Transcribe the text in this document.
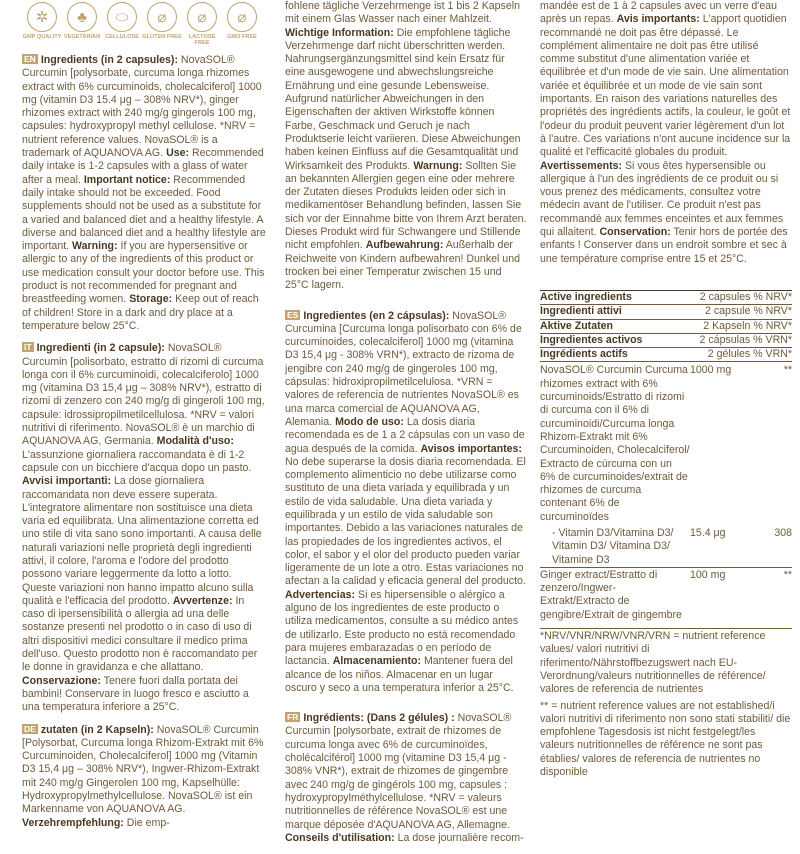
✲
GMP QUALITY
♣
VEGETARIAN
⬭
CELLULOSE
⌀
GLUTEN FREE
⌀
LACTOSE FREE
⌀
GMO FREE

EN Ingredients (in 2 capsules): NovaSOL® Curcumin [polysorbate, curcuma longa rhizomes extract with 6% curcuminoids, cholecalciferol] 1000 mg (vitamin D3 15.4 μg – 308% NRV*), ginger rhizomes extract with 240 mg/g gingerols 100 mg, capsules: hydroxypropyl methyl cellulose. *NRV = nutrient reference values. NovaSOL® is a trademark of AQUANOVA AG. Use: Recommended daily intake is 1-2 capsules with a glass of water after a meal. Important notice: Recommended daily intake should not be exceeded. Food supplements should not be used as a substitute for a varied and balanced diet and a healthy lifestyle. A diverse and balanced diet and a healthy lifestyle are important. Warning: If you are hypersensitive or allergic to any of the ingredients of this product or use medication consult your doctor before use. This product is not recommended for pregnant and breastfeeding women. Storage: Keep out of reach of children! Store in a dark and dry place at a temperature below 25°C.

IT Ingredienti (in 2 capsule): NovaSOL® Curcumin [polisorbato, estratto di rizomi di curcuma longa con il 6% curcuminoidi, colecalciferolo] 1000 mg (vitamina D3 15,4 μg – 308% NRV*), estratto di rizomi di zenzero con 240 mg/g di gingeroli 100 mg, capsule: idrossipropilmetilcellulosa. *NRV = valori nutritivi di riferimento. NovaSOL® è un marchio di AQUANOVA AG, Germania. Modalità d'uso: L'assunzione giornaliera raccomandata è di 1-2 capsule con un bicchiere d'acqua dopo un pasto. Avvisi importanti: La dose giornaliera raccomandata non deve essere superata. L'integratore alimentare non sostituisce una dieta varia ed equilibrata. Una alimentazione corretta ed uno stile di vita sano sono importanti. A causa delle naturali variazioni nelle proprietà degli ingredienti attivi, il colore, l'aroma e l'odore del prodotto possono variare leggermente da lotto a lotto. Queste variazioni non hanno impatto alcuno sulla qualità e l'efficacia del prodotto. Avvertenze: In caso di ipersensibilità o allergia ad una delle sostanze presenti nel prodotto o in caso di uso di altri dispositivi medici consultare il medico prima dell'uso. Questo prodotto non è raccomandato per le donne in gravidanza e che allattano. Conservazione: Tenere fuori dalla portata dei bambini! Conservare in luogo fresco e asciutto a una temperatura inferiore a 25°C.

DE zutaten (in 2 Kapseln): NovaSOL® Curcumin [Polysorbat, Curcuma longa Rhizom-Extrakt mit 6% Curcuminoiden, Cholecalciferol] 1000 mg (Vitamin D3 15,4 μg – 308% NRV*), Ingwer-Rhizom-Extrakt mit 240 mg/g Gingerolen 100 mg, Kapselhülle: Hydroxypropylmethylcellulose. NovaSOL® ist ein Markenname von AQUANOVA AG. Verzehrempfehlung: Die emp-

fohlene tägliche Verzehrmenge ist 1 bis 2 Kapseln mit einem Glas Wasser nach einer Mahlzeit. Wichtige Information: Die empfohlene tägliche Verzehrmenge darf nicht überschritten werden. Nahrungsergänzungsmittel sind kein Ersatz für eine ausgewogene und abwechslungsreiche Ernährung und eine gesunde Lebensweise. Aufgrund natürlicher Abweichungen in den Eigenschaften der aktiven Wirkstoffe können Farbe, Geschmack und Geruch je nach Produktserie leicht variieren. Diese Abweichungen haben keinen Einfluss auf die Gesamtqualität und Wirksamkeit des Produkts. Warnung: Sollten Sie an bekannten Allergien gegen eine oder mehrere der Zutaten dieses Produkts leiden oder sich in medikamentöser Behandlung befinden, lassen Sie sich vor der Einnahme bitte von Ihrem Arzt beraten. Dieses Produkt wird für Schwangere und Stillende nicht empfohlen. Aufbewahrung: Außerhalb der Reichweite von Kindern aufbewahren! Dunkel und trocken bei einer Temperatur zwischen 15 und 25°C lagern.

ES Ingredientes (en 2 cápsulas): NovaSOL® Curcumina [Curcuma longa polisorbato con 6% de curcuminoides, colecalciferol] 1000 mg (vitamina D3 15,4 μg - 308% VRN*), extracto de rizoma de jengibre con 240 mg/g de gingeroles 100 mg, cápsulas: hidroxipropilmetilcelulosa. *VRN = valores de referencia de nutrientes NovaSOL® es una marca comercial de AQUANOVA AG, Alemania. Modo de uso: La dosis diaria recomendada es de 1 a 2 cápsulas con un vaso de agua después de la comida. Avisos importantes: No debe superarse la dosis diaria recomendada. El complemento alimenticio no debe utilizarse como sustituto de una dieta variada y equilibrada y un estilo de vida saludable. Una dieta variada y equilibrada y un estilo de vida saludable son importantes. Debido a las variaciones naturales de las propiedades de los ingredientes activos, el color, el sabor y el olor del producto pueden variar ligeramente de un lote a otro. Estas variaciones no afectan a la calidad y eficacia general del producto. Advertencias: Si es hipersensible o alérgico a alguno de los ingredientes de este producto o utiliza medicamentos, consulte a su médico antes de utilizarlo. Este producto no está recomendado para mujeres embarazadas o en período de lactancia. Almacenamiento: Mantener fuera del alcance de los niños. Almacenar en un lugar oscuro y seco a una temperatura inferior a 25°C.

FR Ingrédients: (Dans 2 gélules) : NovaSOL® Curcumin [polysorbate, extrait de rhizomes de curcuma longa avec 6% de curcuminoïdes, cholécalciférol] 1000 mg (vitamine D3 15,4 μg - 308% VNR*), extrait de rhizomes de gingembre avec 240 mg/g de gingérols 100 mg, capsules : hydroxypropylméthylcellulose. *NRV = valeurs nutritionnelles de référence NovaSOL® est une marque déposée d'AQUANOVA AG, Allemagne. Conseils d'utilisation: La dose journalière recom-

mandée est de 1 à 2 capsules avec un verre d'eau après un repas. Avis importants: L'apport quotidien recommandé ne doit pas être dépassé. Le complément alimentaire ne doit pas être utilisé comme substitut d'une alimentation variée et équilibrée et d'un mode de vie sain. Une alimentation variée et équilibrée et un mode de vie sain sont importants. En raison des variations naturelles des propriétés des ingrédients actifs, la couleur, le goût et l'odeur du produit peuvent varier légèrement d'un lot à l'autre. Ces variations n'ont aucune incidence sur la qualité et l'efficacité globales du produit. Avertissements: Si vous êtes hypersensible ou allergique à l'un des ingrédients de ce produit ou si vous prenez des médicaments, consultez votre médecin avant de l'utiliser. Ce produit n'est pas recommandé aux femmes enceintes et aux femmes qui allaitent. Conservation: Tenir hors de portée des enfants ! Conserver dans un endroit sombre et sec à une température comprise entre 15 et 25°C.

Active ingredients	2 capsules % NRV*	
Ingredienti attivi	2 capsule % NRV*	
Aktive Zutaten	2 Kapseln % NRV*	
Ingredientes activos	2 cápsulas % VRN*	
Ingrédients actifs	2 gélules % VRN*	
NovaSOL® Curcumin Curcuma rhizomes extract with 6% curcuminoids/Estratto di rizomi di curcuma con il 6% di curcuminoidi/Curcuma longa Rhizom-Extrakt mit 6% Curcuminoiden, Cholecalciferol/ Extracto de cúrcuma con un 6% de curcuminoides/extrait de rhizomes de curcuma contenant 6% de curcuminoïdes	1000 mg	**
- Vitamin D3/Vitamina D3/ Vitamin D3/ Vitamina D3/ Vitamine D3	15.4 μg	308
Ginger extract/Estratto di zenzero/Ingwer-Extrakt/Extracto de gengibre/Extrait de gingembre	100 mg	**
*NRV/VNR/NRW/VNR/VRN = nutrient reference values/ valori nutritivi di riferimento/Nährstoffbezugswert nach EU-Verordnung/valeurs nutritionnelles de référence/ valores de referencia de nutrientes
** = nutrient reference values are not established/i valori nutritivi di riferimento non sono stati stabiliti/ die empfohlene Tagesdosis ist nicht festgelegt/les valeurs nutritionnelles de référence ne sont pas établies/ valores de referencia de nutrientes no disponible
